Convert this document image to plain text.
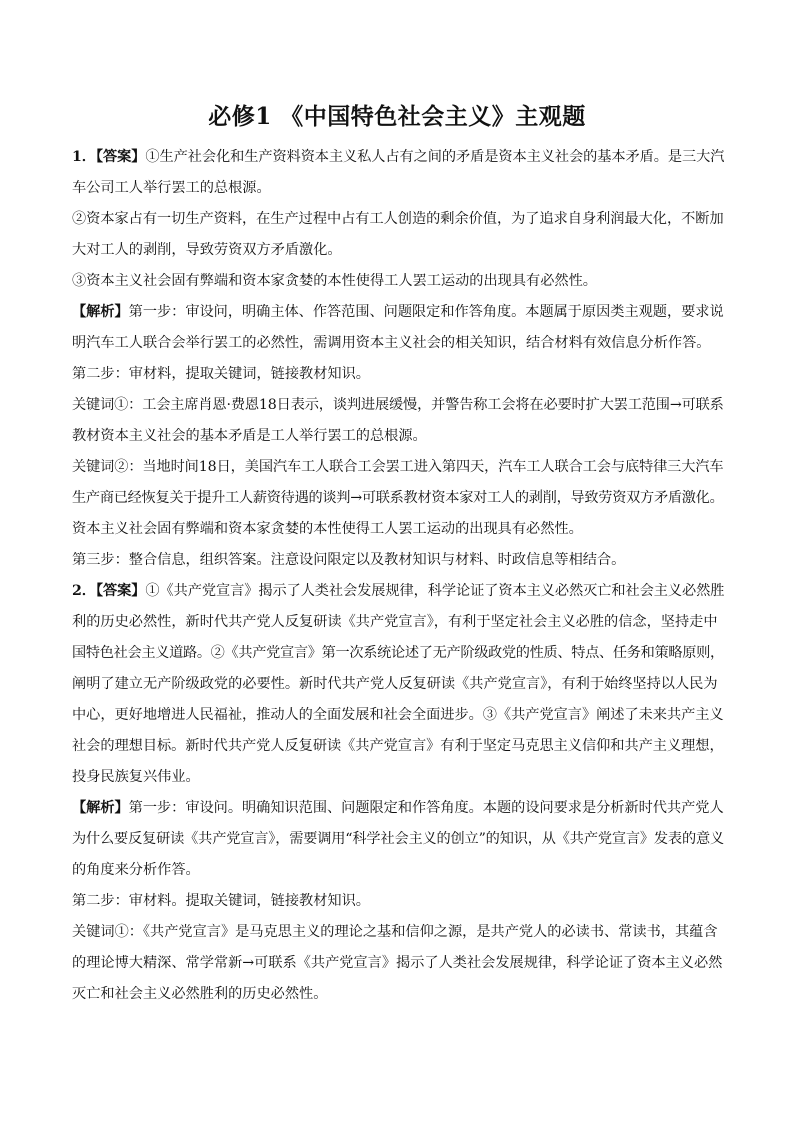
必修1 《中国特色社会主义》主观题
1．【答案】①生产社会化和生产资料资本主义私人占有之间的矛盾是资本主义社会的基本矛盾。是三大汽
车公司工人举行罢工的总根源。
②资本家占有一切生产资料，在生产过程中占有工人创造的剩余价值，为了追求自身利润最大化，不断加
大对工人的剥削，导致劳资双方矛盾激化。
③资本主义社会固有弊端和资本家贪婪的本性使得工人罢工运动的出现具有必然性。
【解析】第一步：审设问，明确主体、作答范围、问题限定和作答角度。本题属于原因类主观题，要求说
明汽车工人联合会举行罢工的必然性，需调用资本主义社会的相关知识，结合材料有效信息分析作答。
第二步：审材料，提取关键词，链接教材知识。
关键词①：工会主席肖恩·费恩18日表示，谈判进展缓慢，并警告称工会将在必要时扩大罢工范围→可联系
教材资本主义社会的基本矛盾是工人举行罢工的总根源。
关键词②：当地时间18日，美国汽车工人联合工会罢工进入第四天，汽车工人联合工会与底特律三大汽车
生产商已经恢复关于提升工人薪资待遇的谈判→可联系教材资本家对工人的剥削，导致劳资双方矛盾激化。
资本主义社会固有弊端和资本家贪婪的本性使得工人罢工运动的出现具有必然性。
第三步：整合信息，组织答案。注意设问限定以及教材知识与材料、时政信息等相结合。
2．【答案】①《共产党宣言》揭示了人类社会发展规律，科学论证了资本主义必然灭亡和社会主义必然胜
利的历史必然性，新时代共产党人反复研读《共产党宣言》，有利于坚定社会主义必胜的信念，坚持走中
国特色社会主义道路。②《共产党宣言》第一次系统论述了无产阶级政党的性质、特点、任务和策略原则，
阐明了建立无产阶级政党的必要性。新时代共产党人反复研读《共产党宣言》，有利于始终坚持以人民为
中心，更好地增进人民福祉，推动人的全面发展和社会全面进步。③《共产党宣言》阐述了未来共产主义
社会的理想目标。新时代共产党人反复研读《共产党宣言》有利于坚定马克思主义信仰和共产主义理想，
投身民族复兴伟业。
【解析】第一步：审设问。明确知识范围、问题限定和作答角度。本题的设问要求是分析新时代共产党人
为什么要反复研读《共产党宣言》，需要调用“科学社会主义的创立”的知识，从《共产党宣言》发表的意义
的角度来分析作答。
第二步：审材料。提取关键词，链接教材知识。
关键词①：《共产党宣言》是马克思主义的理论之基和信仰之源，是共产党人的必读书、常读书，其蕴含
的理论博大精深、常学常新→可联系《共产党宣言》揭示了人类社会发展规律，科学论证了资本主义必然
灭亡和社会主义必然胜利的历史必然性。
